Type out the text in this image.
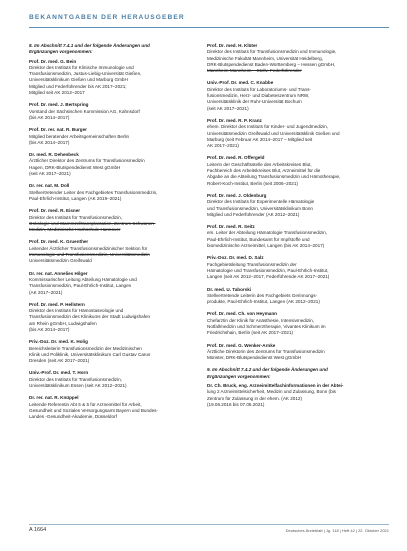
BEKANNTGABEN DER HERAUSGEBER
8. Im Abschnitt 7.4.1 und der folgende Änderungen und
Ergänzungen vorgenommen:
Prof. Dr. med. G. Bein
Direktor des Instituts für Klinische Immunologie und
Transfusionsmedizin, Justus-Liebig-Universität Gießen,
Universitätsklinikum Gießen und Marburg GmbH
Mitglied und Federführender bis AK 2017–2021;
Mitglied seit AK 2012–2017
Prof. Dr. med. J. Bertspring
Vorstand der Sächsischen Kommission AG, Kahnsdorf
(bis AK 2014–2017)
Prof. Dr. rer. nat. R. Burger
Mitglied beratender Arbeitsgemeinschaften Berlin
(bis AK 2014–2017)
Dr. med. R. Dehenbeck
Ärztlicher Direktor des Zentrums für Transfusionsmedizin
Hagen, DRK-Blutspendedienst West gGmbH
(seit AK 2017–2021)
Dr. rer. nat. M. Doll
Stellvertretender Leiter des Fachgebietes Transfusionsmedizin,
Paul-Ehrlich-Institut, Langen (AK 2019–2021)
Prof. Dr. med. R. Eisner
Direktor des Instituts für Transfusionsmedizin,
Onkologie und Stammzelltransplantation, Zentrum Schwanen-
Medizin, Medizinische Hochschule Hannover
Prof. Dr. med. K. Gruenther
Leitender Ärztlicher Transfusionsmedizinischer Sektion für
Immunologie und Transfusionsmedizin, Universitätsmedizin
Universitätsmedizin Greifswald
Dr. rer. nat. Annelies Hilger
Kommissarischer Leitung Abteilung Hämatologie und
Transfusionsmedizin, Paul-Ehrlich-Institut, Langen
(AK 2017–2021)
Prof. Dr. med. P. Hellstern
Direktor des Instituts für Hämostaseologie und
Transfusionsmedizin des Klinikums der Stadt Ludwigshafen
am Rhein gGmbH, Ludwigshafen
(bis AK 2014–2017)
Priv.-Doz. Dr. med. K. Holig
Bereichsleiterin Transfusionsmedizin der Medizinischen
Klinik und Poliklinik, Universitätsklinikum Carl Gustav Carus
Dresden (seit AK 2017–2021)
Univ.-Prof. Dr. med. T. Horn
Direktor des Instituts für Transfusionsmedizin,
Universitätsklinikum Essen (seit AK 2012–2021)
Dr. rer. nat. R. Knüppel
Leitende Referentin Abt 5 & 5 für Arzneimittel für Arbeit,
Gesundheit und Soziales Versorgungsamt Bayern und Bundes-
Landes -Gesundheit-Akademie, Düsseldorf
Prof. Dr. med. H. Klüter
Direktor des Instituts für Transfusionsmedizin und Immunologie,
Medizinische Fakultät Mannheim, Universität Heidelberg,
DRK-Blutspendedienst Baden-Württemberg – Hessen gGmbH,
Mannheim-Mannheim – Stellv. Federführender
Univ.-Prof. Dr. med. C. Knabbe
Direktor des Instituts für Laboratoriums- und Trans-
fusionsmedizin, Herz- und Diabeteszentrum NRW,
Universitätsklinik der Ruhr-Universität Bochum
(seit AK 2017–2021)
Prof. Dr. med. R. P. Kranz
ehem. Direktor des Instituts für Kinder- und Jugendmedizin,
Universitätsmedizin Greifswald und Universitätsklinik Gießen und
Marburg (seit Februar AK 2014–2017 – Mitglied seit
AK 2017–2021)
Prof. Dr. med. R. Offergeld
Leiterin der Geschäftsstelle des Arbeitskreises Blut,
Fachbereich des Arbeitskreises Blut, Arzneimittel für die
Abgabe an die Abteilung Transfusionsmedizin und Hämotherapie,
Robert-Koch-Institut, Berlin (seit 2006–2021)
Prof. Dr. med. J. Oldenburg
Direktor des Instituts für Experimentelle Hämatologie
und Transfusionsmedizin, Universitätsklinikum Bonn
Mitglied und Federführender (AK 2012–2021)
Prof. Dr. med. R. Seitz
em. Leiter der Abteilung Hämatologie Transfusionsmedizin,
Paul-Ehrlich-Institut, Bundesamt für Impfstoffe und
biomedizinische Arzneimittel, Langen (bis AK 2014–2017)
Priv.-Doz. Dr. med. D. Salz
Fachgebietsleitung Transfusionsmedizin der
Hämatologie und Transfusionsmedizin, Paul-Ehrlich-Institut,
Langen (seit AK 2012–2017, Federführende AK 2017–2021)
Dr. med. U. Taborski
Stellvertretende Leiterin des Fachgebiets Gerinnungs-
produkte, Paul-Ehrlich-Institut, Langen (AK 2012–2021)
Prof. Dr. med. Ch. von Heymann
Chefarztin der Klinik für Anästhesie, Intensivmedizin,
Notfallmedizin und Schmerztherapie, Vivantes Klinikum im
Friedrichshain, Berlin (seit AK 2017–2021)
Prof. Dr. med. G. Wenker-Arnke
Ärztliche Direktorin des Zentrums für Transfusionsmedizin
Münster, DRK-Blutspendedienst West gGmbH
9. Im Abschnitt 7.4.2 und der folgende Änderungen und
Ergänzungen vorgenommen:
Dr. Ch. Bruck, eng. Arzneimittelfachinformationen in der Abtei-
lung 2 Arzneimittelsicherheit, Medizin und Zulassung, Bonn (bis
Zentrum für Zulassung in der ehem. (AK 2012)
(19.06.2016 bis 07.05.2021)
A 1664	Deutsches Ärzteblatt | Jg. 118 | Heft 42 | 22. Oktober 2021
